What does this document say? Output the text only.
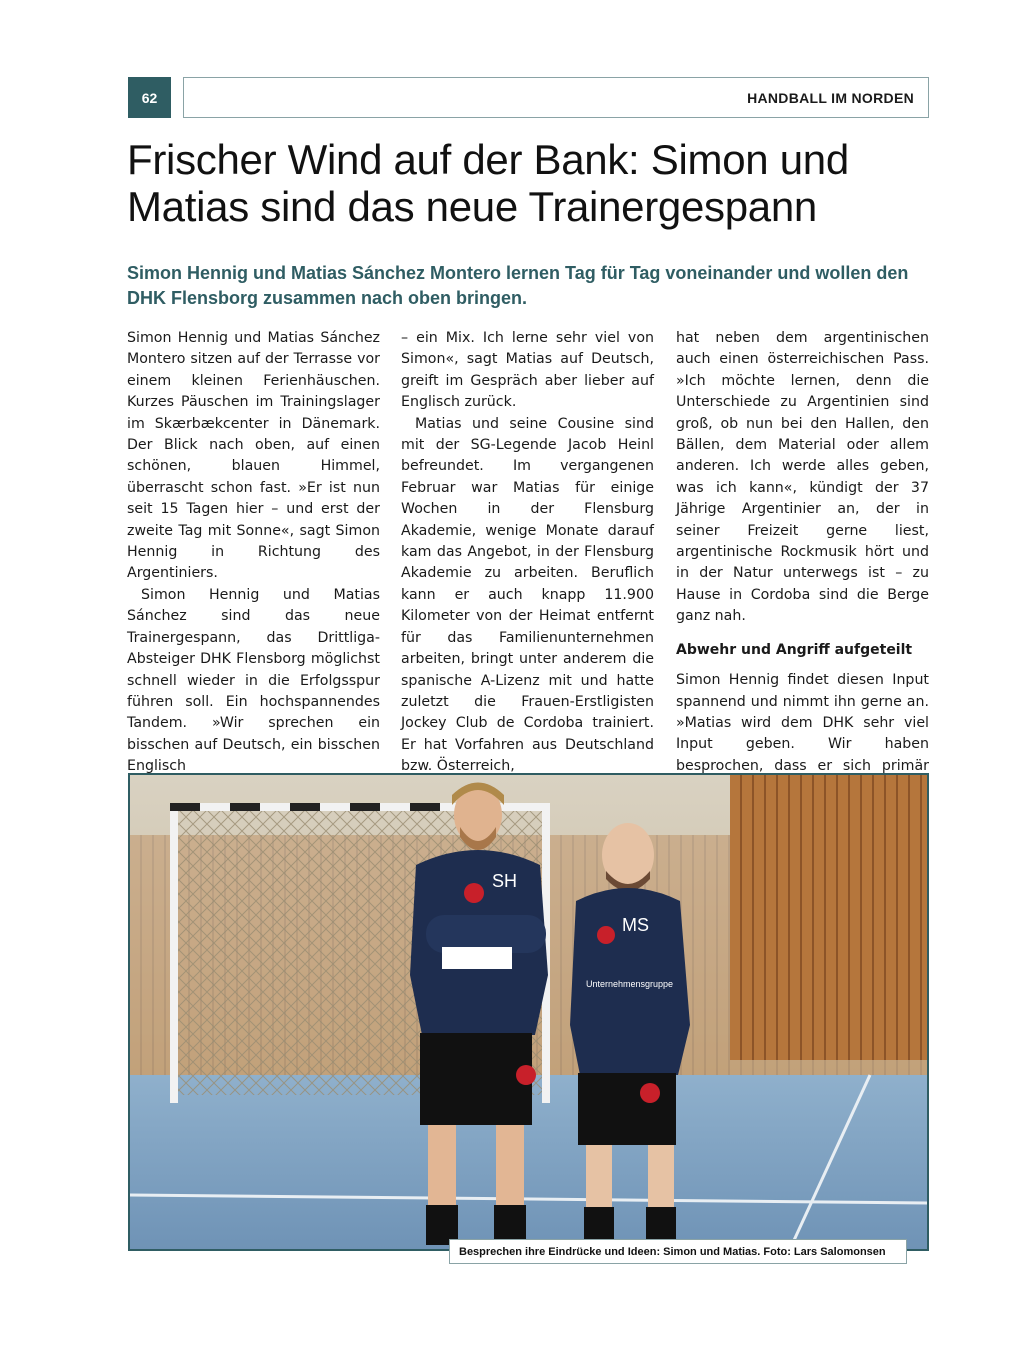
62	HANDBALL IM NORDEN
Frischer Wind auf der Bank: Simon und
Matias sind das neue Trainergespann
Simon Hennig und Matias Sánchez Montero lernen Tag für Tag voneinander und wollen den DHK Flensborg zusammen nach oben bringen.

Simon Hennig und Matias Sánchez Montero sitzen auf der Terrasse vor einem kleinen Ferienhäuschen. Kurzes Päuschen im Trainingslager im Skærbækcenter in Dänemark. Der Blick nach oben, auf einen schönen, blauen Himmel, überrascht schon fast. »Er ist nun seit 15 Tagen hier – und erst der zweite Tag mit Sonne«, sagt Simon Hennig in Richtung des Argentiniers.

Simon Hennig und Matias Sánchez sind das neue Trainergespann, das Drittliga-Absteiger DHK Flensborg möglichst schnell wieder in die Erfolgsspur führen soll. Ein hochspannendes Tandem. »Wir sprechen ein bisschen auf Deutsch, ein bisschen Englisch

– ein Mix. Ich lerne sehr viel von Simon«, sagt Matias auf Deutsch, greift im Gespräch aber lieber auf Englisch zurück.

Matias und seine Cousine sind mit der SG-Legende Jacob Heinl befreundet. Im vergangenen Februar war Matias für einige Wochen in der Flensburg Akademie, wenige Monate darauf kam das Angebot, in der Flensburg Akademie zu arbeiten. Beruflich kann er auch knapp 11.900 Kilometer von der Heimat entfernt für das Familienunternehmen arbeiten, bringt unter anderem die spanische A-Lizenz mit und hatte zuletzt die Frauen-Erstligisten Jockey Club de Cordoba trainiert. Er hat Vorfahren aus Deutschland bzw. Österreich,

hat neben dem argentinischen auch einen österreichischen Pass. »Ich möchte lernen, denn die Unterschiede zu Argentinien sind groß, ob nun bei den Hallen, den Bällen, dem Material oder allem anderen. Ich werde alles geben, was ich kann«, kündigt der 37 Jährige Argentinier an, der in seiner Freizeit gerne liest, argentinische Rockmusik hört und in der Natur unterwegs ist – zu Hause in Cordoba sind die Berge ganz nah.

Abwehr und Angriff aufgeteilt

Simon Hennig findet diesen Input spannend und nimmt ihn gerne an. »Matias wird dem DHK sehr viel Input geben. Wir haben besprochen, dass er sich primär

SH
MS
Unternehmensgruppe
Besprechen ihre Eindrücke und Ideen: Simon und Matias. Foto: Lars Salomonsen
